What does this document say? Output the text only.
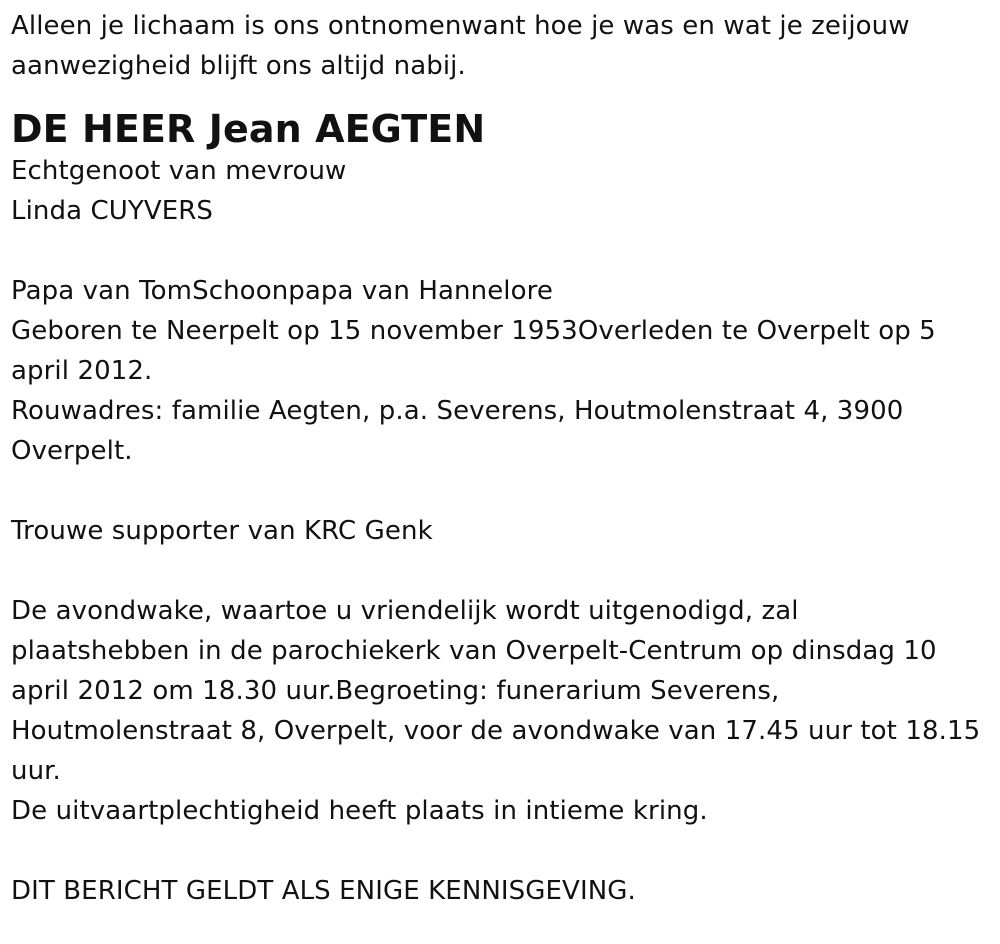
Alleen je lichaam is ons ontnomenwant hoe je was en wat je zeijouw
aanwezigheid blijft ons altijd nabij.
DE HEER Jean AEGTEN
Echtgenoot van mevrouw
Linda CUYVERS
Papa van TomSchoonpapa van Hannelore
Geboren te Neerpelt op 15 november 1953Overleden te Overpelt op 5
april 2012.
Rouwadres: familie Aegten, p.a. Severens, Houtmolenstraat 4, 3900
Overpelt.
Trouwe supporter van KRC Genk
De avondwake, waartoe u vriendelijk wordt uitgenodigd, zal
plaatshebben in de parochiekerk van Overpelt-Centrum op dinsdag 10
april 2012 om 18.30 uur.Begroeting: funerarium Severens,
Houtmolenstraat 8, Overpelt, voor de avondwake van 17.45 uur tot 18.15
uur.
De uitvaartplechtigheid heeft plaats in intieme kring.
DIT BERICHT GELDT ALS ENIGE KENNISGEVING.
